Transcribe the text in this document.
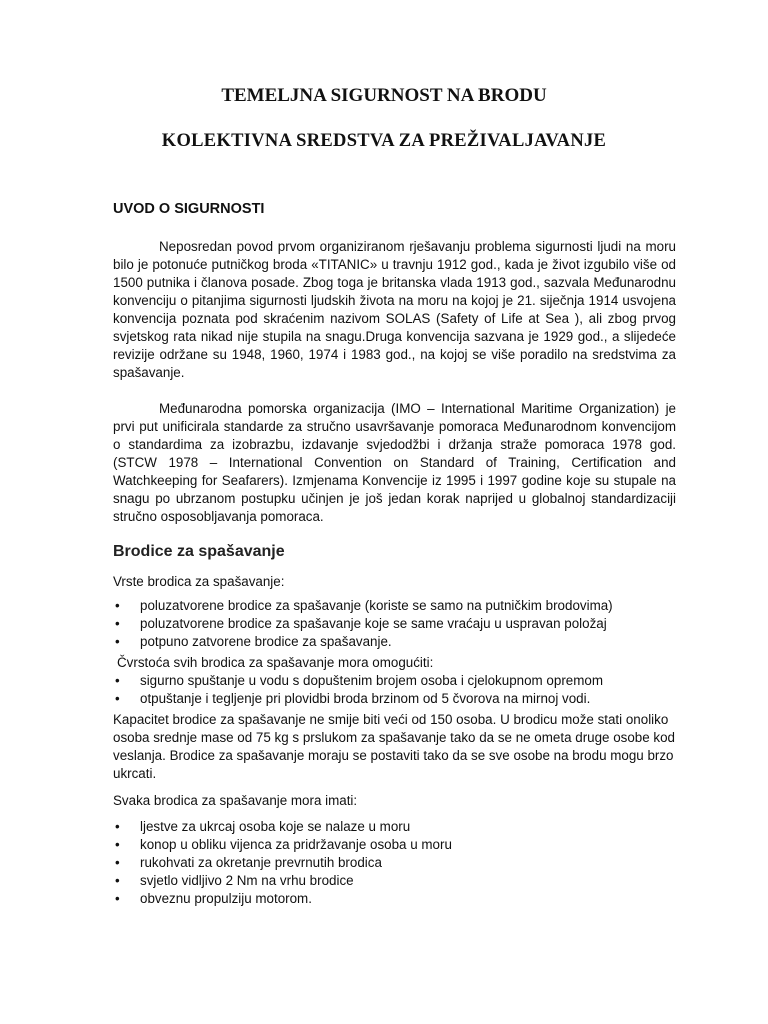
TEMELJNA SIGURNOST NA BRODU
KOLEKTIVNA SREDSTVA ZA PREŽIVALJAVANJE
UVOD O SIGURNOSTI
Neposredan povod prvom organiziranom rješavanju problema sigurnosti ljudi na moru bilo je potonuće putničkog broda «TITANIC» u travnju 1912 god., kada je život izgubilo više od 1500 putnika i članova posade. Zbog toga je britanska vlada 1913 god., sazvala Međunarodnu konvenciju o pitanjima sigurnosti ljudskih života na moru na kojoj je 21. siječnja 1914 usvojena konvencija poznata pod skraćenim nazivom SOLAS (Safety of Life at Sea ), ali zbog prvog svjetskog rata nikad nije stupila na snagu.Druga konvencija sazvana je 1929 god., a slijedeće revizije održane su 1948, 1960, 1974 i 1983 god., na kojoj se više poradilo na sredstvima za spašavanje.
Međunarodna pomorska organizacija (IMO – International Maritime Organization) je prvi put unificirala standarde za stručno usavršavanje pomoraca Međunarodnom konvencijom o standardima za izobrazbu, izdavanje svjedodžbi i držanja straže pomoraca 1978 god. (STCW 1978 – International Convention on Standard of Training, Certification and Watchkeeping for Seafarers). Izmjenama Konvencije iz 1995 i 1997 godine koje su stupale na snagu po ubrzanom postupku učinjen je još jedan korak naprijed u globalnoj standardizaciji stručno osposobljavanja pomoraca.
Brodice za spašavanje
Vrste brodica za spašavanje:
• poluzatvorene brodice za spašavanje (koriste se samo na putničkim brodovima)
• poluzatvorene brodice za spašavanje koje se same vraćaju u uspravan položaj
• potpuno zatvorene brodice za spašavanje.
Čvrstoća svih brodica za spašavanje mora omogućiti:
• sigurno spuštanje u vodu s dopuštenim brojem osoba i cjelokupnom opremom
• otpuštanje i tegljenje pri plovidbi broda brzinom od 5 čvorova na mirnoj vodi.
Kapacitet brodice za spašavanje ne smije biti veći od 150 osoba. U brodicu može stati onoliko osoba srednje mase od 75 kg s prslukom za spašavanje tako da se ne ometa druge osobe kod veslanja. Brodice za spašavanje moraju se postaviti tako da se sve osobe na brodu mogu brzo ukrcati.
Svaka brodica za spašavanje mora imati:
• ljestve za ukrcaj osoba koje se nalaze u moru
• konop u obliku vijenca za pridržavanje osoba u moru
• rukohvati za okretanje prevrnutih brodica
• svjetlo vidljivo 2 Nm na vrhu brodice
• obveznu propulziju motorom.
